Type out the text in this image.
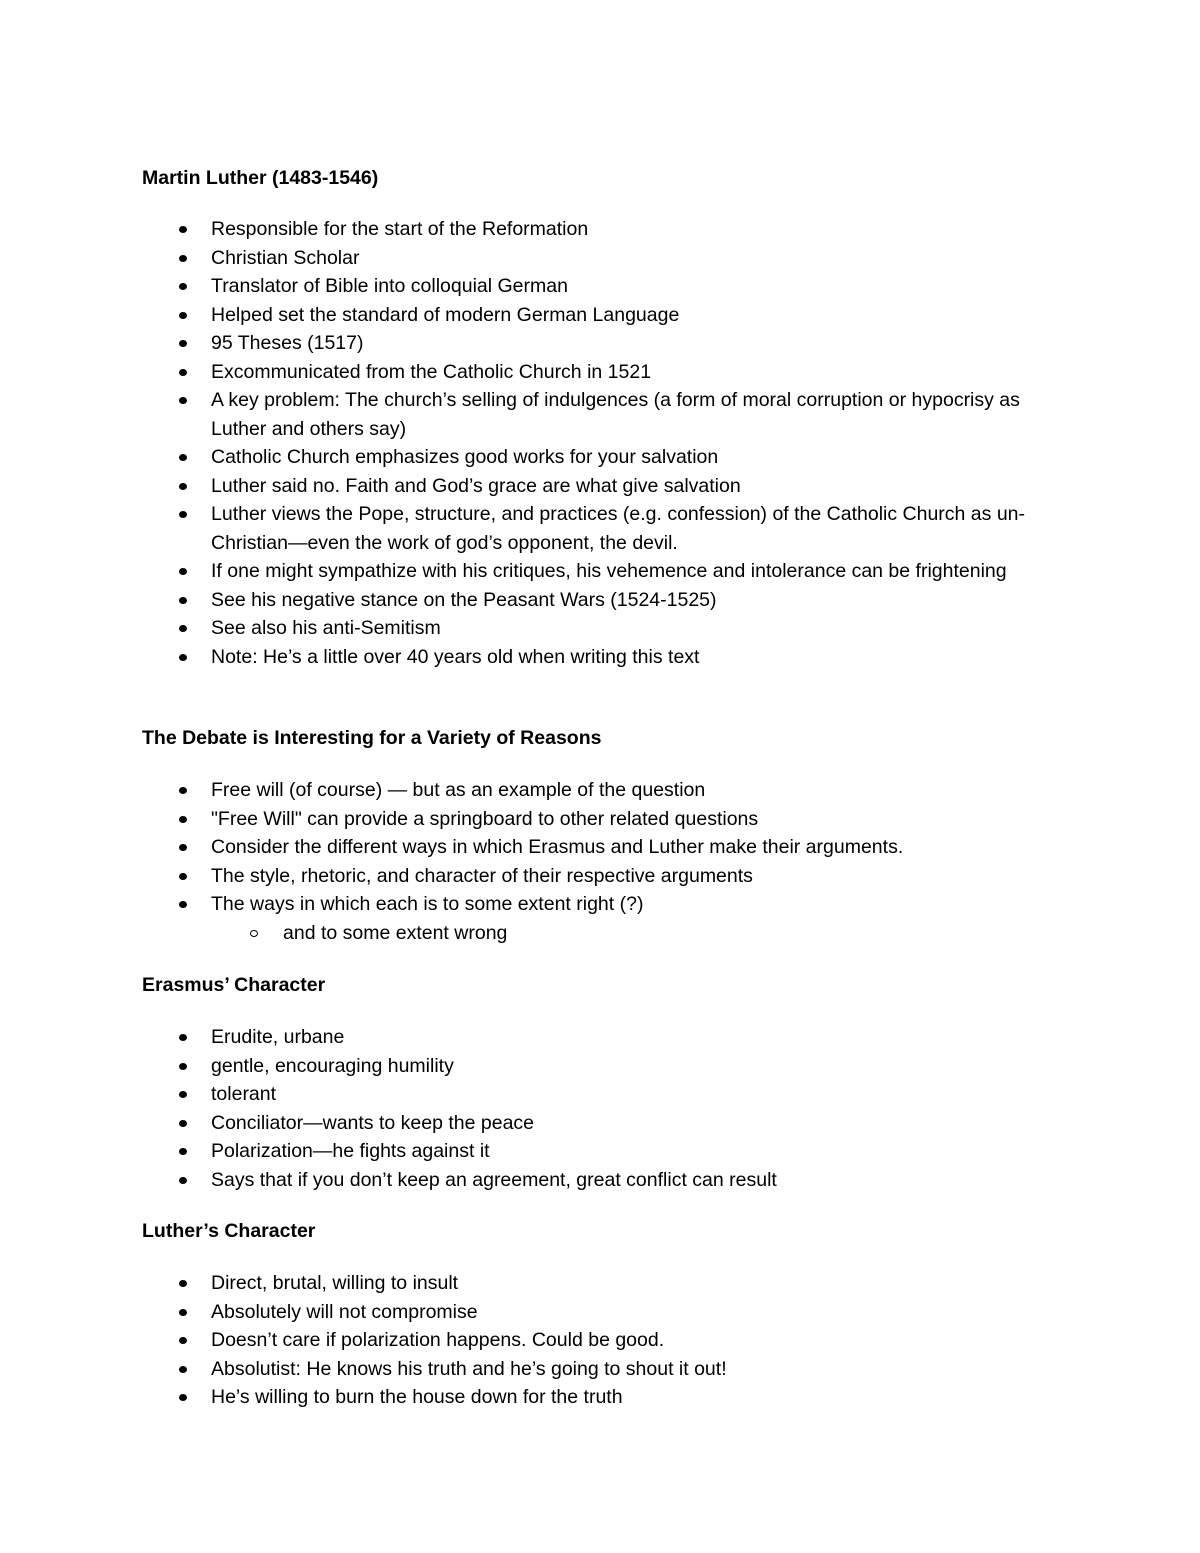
Martin Luther (1483-1546)
Responsible for the start of the Reformation
Christian Scholar
Translator of Bible into colloquial German
Helped set the standard of modern German Language
95 Theses (1517)
Excommunicated from the Catholic Church in 1521
A key problem: The church’s selling of indulgences (a form of moral corruption or hypocrisy as Luther and others say)
Catholic Church emphasizes good works for your salvation
Luther said no. Faith and God’s grace are what give salvation
Luther views the Pope, structure, and practices (e.g. confession) of the Catholic Church as un-Christian—even the work of god’s opponent, the devil.
If one might sympathize with his critiques, his vehemence and intolerance can be frightening
See his negative stance on the Peasant Wars (1524-1525)
See also his anti-Semitism
Note: He’s a little over 40 years old when writing this text
The Debate is Interesting for a Variety of Reasons
Free will (of course) — but as an example of the question
"Free Will" can provide a springboard to other related questions
Consider the different ways in which Erasmus and Luther make their arguments.
The style, rhetoric, and character of their respective arguments
The ways in which each is to some extent right (?)
and to some extent wrong
Erasmus’ Character
Erudite, urbane
gentle, encouraging humility
tolerant
Conciliator—wants to keep the peace
Polarization—he fights against it
Says that if you don’t keep an agreement, great conflict can result
Luther’s Character
Direct, brutal, willing to insult
Absolutely will not compromise
Doesn’t care if polarization happens. Could be good.
Absolutist: He knows his truth and he’s going to shout it out!
He’s willing to burn the house down for the truth
